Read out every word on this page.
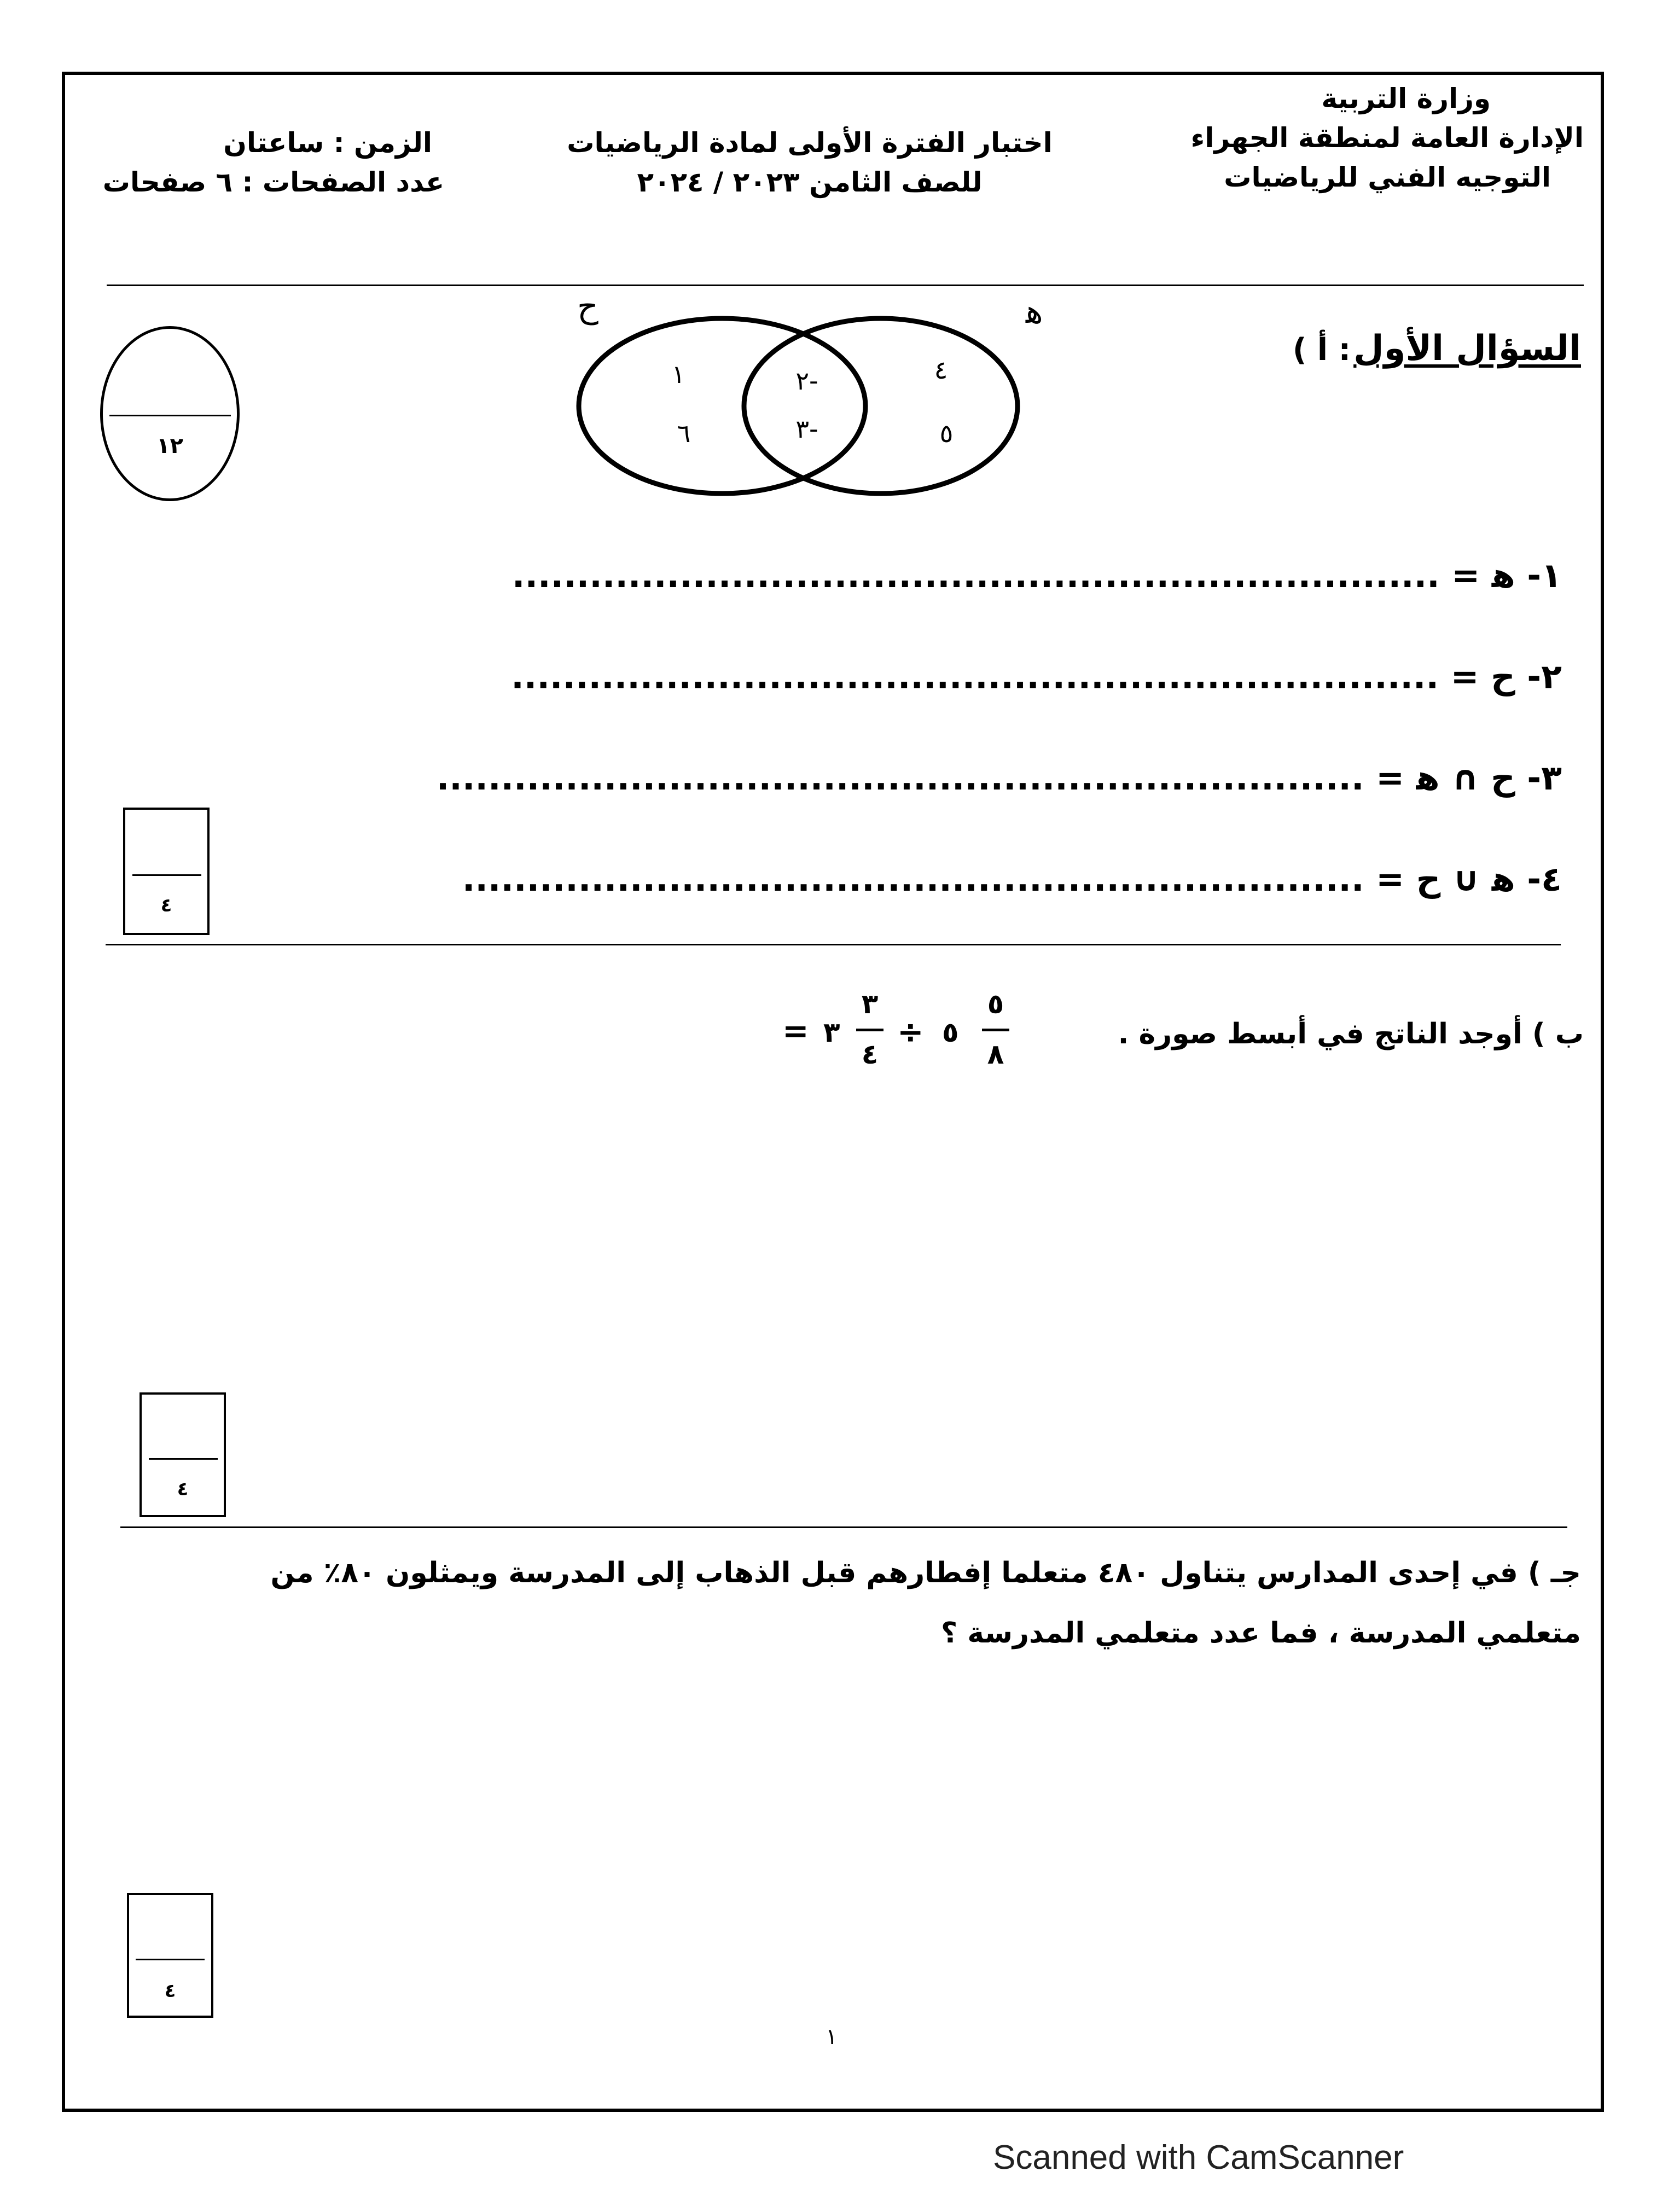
وزارة التربية
الإدارة العامة لمنطقة الجهراء
التوجيه الفني للرياضيات
اختبار الفترة الأولى لمادة الرياضيات
للصف الثامن ٢٠٢٣ / ٢٠٢٤
الزمن : ساعتان
عدد الصفحات : ٦ صفحات
السؤال الأول : ﺃ )
١٢
ح	ﻫ
١
٦
٢-
٣-
٤
٥
١- ﻫ = ........................................................................
٢- ح = ........................................................................
٣- ح ∩ ﻫ = ........................................................................
٤- ﻫ ∪ ح = ......................................................................
٤
ب ) أوجد الناتج في أبسط صورة .
٥
٨
٥
÷
٣
٤
٣
=
٤
جـ ) في إحدى المدارس يتناول ٤٨٠ متعلما إفطارهم قبل الذهاب إلى المدرسة ويمثلون ٨٠٪ من متعلمي المدرسة ، فما عدد متعلمي المدرسة ؟
٤
١
Scanned with CamScanner
